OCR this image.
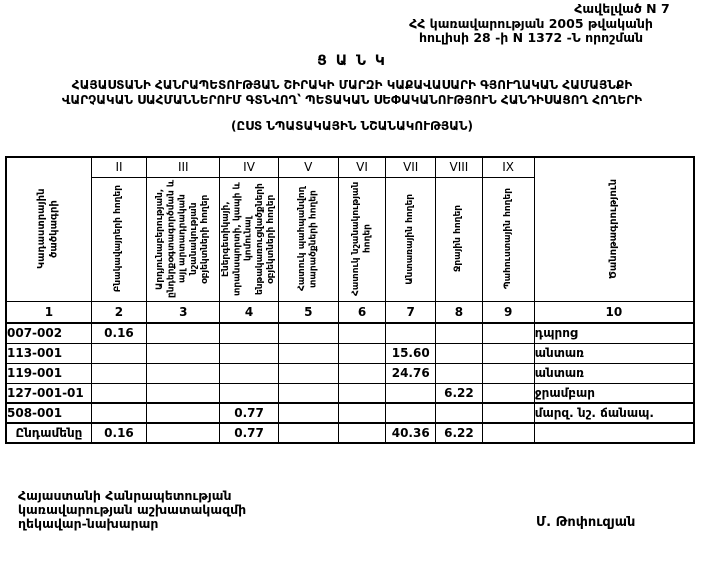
Հավելված N 7
ՀՀ կառավարության 2005 թվականի
հուլիսի 28 -ի N 1372 -Ն որոշման
Ց Ա Ն Կ
ՀԱՅԱՍՏԱՆԻ ՀԱՆՐԱՊԵՏՈՒԹՅԱՆ ՇԻՐԱԿԻ ՄԱՐԶԻ ԿԱՔԱՎԱՍԱՐԻ ԳՅՈՒՂԱԿԱՆ ՀԱՄԱՅՆՔԻ
ՎԱՐՉԱԿԱՆ ՍԱՀՄԱՆՆԵՐՈՒՄ ԳՏՆՎՈՂ՝ ՊԵՏԱԿԱՆ ՍԵՓԱԿԱՆՈՒԹՅՈՒՆ ՀԱՆԴԻՍԱՑՈՂ ՀՈՂԵՐԻ
(ԸՍՏ ՆՊԱՏԱԿԱՅԻՆ ՆՇԱՆԱԿՈՒԹՅԱՆ)
Կադաստրային ծածկագրի	II	III	IV	V	VI	VII	VIII	IX	Ծանոթագրություն

	Բնակավայրերի հողեր	Արդյունաբերության, ընդերքօգտագործման և այլ արտադրական նշանակության օբյեկտների հողեր	Էներգետիկայի, տրանսպորտի, կապի և կոմունալ ենթակառուցվածքների օբյեկտների հողեր	Հատուկ պահպանվող տարածքների հողեր	Հատուկ նշանակության հողեր	Անտառային հողեր	Ջրային հողեր	Պահուստային հողեր	

1	2	3	4	5	6	7	8	9	10
007-002	0.16								դպրոց
113-001						15.60			անտառ
119-001						24.76			անտառ
127-001-01							6.22		ջրամբար
508-001			0.77						մարզ. նշ. ճանապ.
Ընդամենը	0.16		0.77			40.36	6.22		
Հայաստանի Հանրապետության
կառավարության աշխատակազմի
ղեկավար-նախարար	Մ. Թոփուզյան
